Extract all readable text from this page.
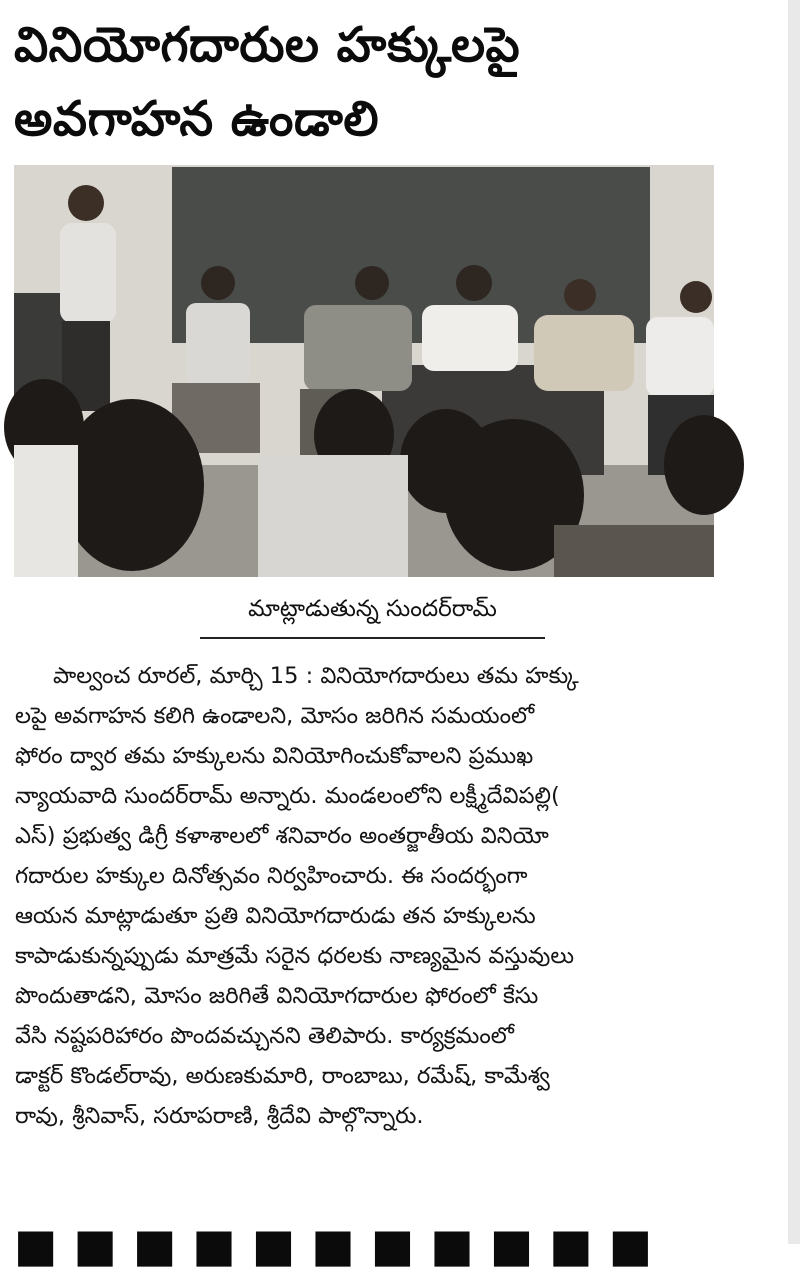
వినియోగదారుల హక్కులపై
అవగాహన ఉండాలి
మాట్లాడుతున్న సుందర్‌రామ్
పాల్వంచ రూరల్‌, మార్చి 15 : వినియోగదారులు తమ హక్కు
లపై అవగాహన కలిగి ఉండాలని, మోసం జరిగిన సమయంలో
ఫోరం ద్వార తమ హక్కులను వినియోగించుకోవాలని ప్రముఖ
న్యాయవాది సుందర్‌రామ్‌ అన్నారు. మండలంలోని లక్ష్మీదేవిపల్లి(
ఎస్‌) ప్రభుత్వ డిగ్రీ కళాశాలలో శనివారం అంతర్జాతీయ వినియో
గదారుల హక్కుల దినోత్సవం నిర్వహించారు. ఈ సందర్భంగా
ఆయన మాట్లాడుతూ ప్రతి వినియోగదారుడు తన హక్కులను
కాపాడుకున్నప్పుడు మాత్రమే సరైన ధరలకు నాణ్యమైన వస్తువులు
పొందుతాడని, మోసం జరిగితే వినియోగదారుల ఫోరంలో కేసు
వేసి నష్టపరిహారం పొందవచ్చునని తెలిపారు. కార్యక్రమంలో
డాక్టర్‌ కొండల్‌రావు, అరుణకుమారి, రాంబాబు, రమేష్‌, కామేశ్వ
రావు, శ్రీనివాస్‌, సరూపరాణి, శ్రీదేవి పాల్గొన్నారు.
■ ■ ■ ■ ■ ■ ■ ■ ■ ■ ■
